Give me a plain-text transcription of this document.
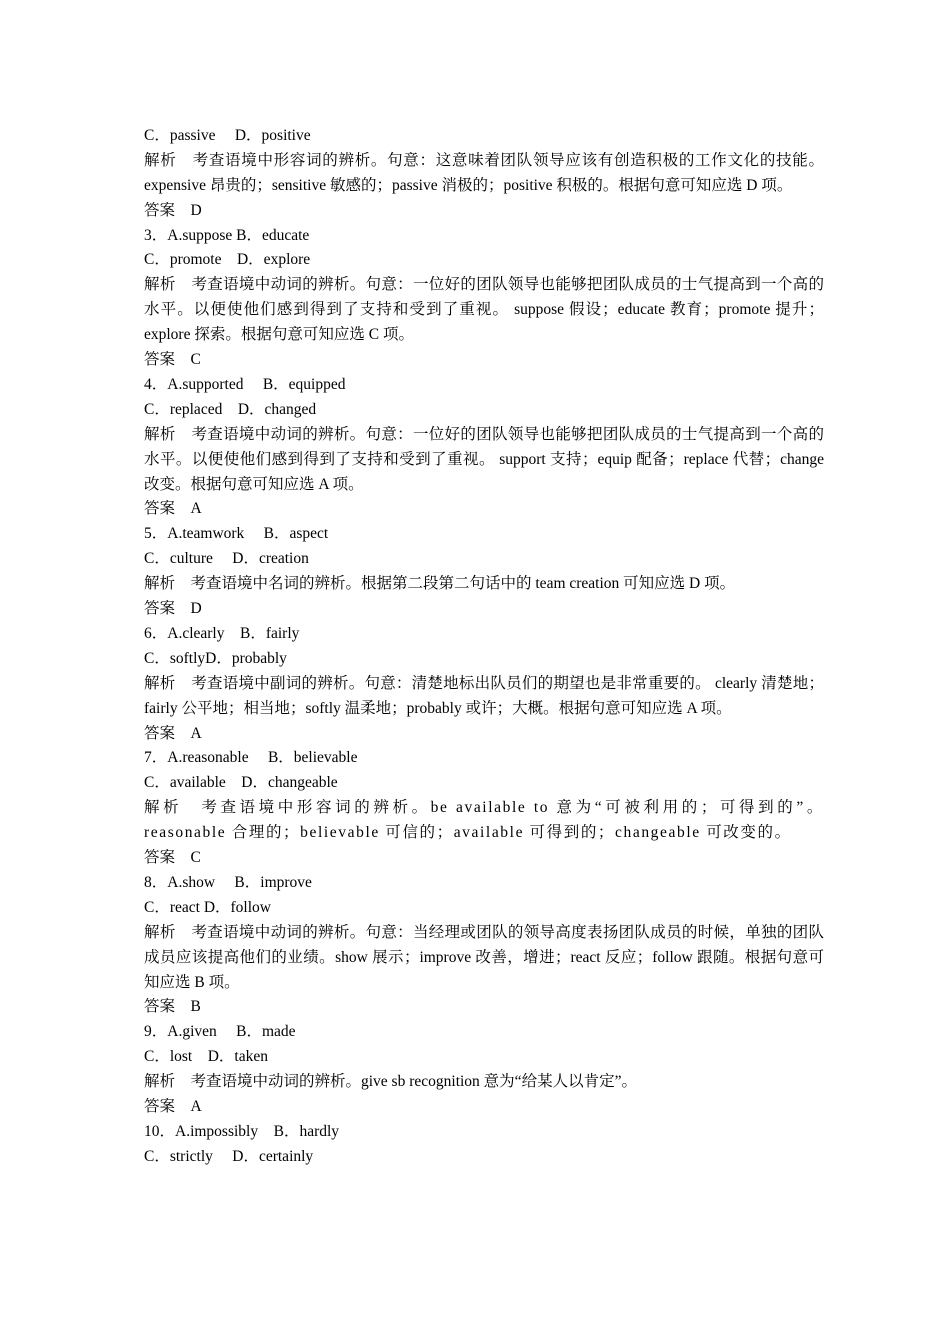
C．passive　 D．positive
解析　考查语境中形容词的辨析。句意：这意味着团队领导应该有创造积极的工作文化的技能。expensive 昂贵的；sensitive 敏感的；passive 消极的；positive 积极的。根据句意可知应选 D 项。
答案　D
3．A.suppose B．educate
C．promote　D．explore
解析　考查语境中动词的辨析。句意：一位好的团队领导也能够把团队成员的士气提高到一个高的水平。以便使他们感到得到了支持和受到了重视。 suppose 假设；educate 教育；promote 提升；explore 探索。根据句意可知应选 C 项。
答案　C
4．A.supported　 B．equipped
C．replaced　D．changed
解析　考查语境中动词的辨析。句意：一位好的团队领导也能够把团队成员的士气提高到一个高的水平。以便使他们感到得到了支持和受到了重视。 support 支持；equip 配备；replace 代替；change 改变。根据句意可知应选 A 项。
答案　A
5．A.teamwork　 B．aspect
C．culture　 D．creation
解析　考查语境中名词的辨析。根据第二段第二句话中的 team creation 可知应选 D 项。
答案　D
6．A.clearly　B．fairly
C．softlyD．probably
解析　考查语境中副词的辨析。句意：清楚地标出队员们的期望也是非常重要的。 clearly 清楚地；fairly 公平地；相当地；softly 温柔地；probably 或许；大概。根据句意可知应选 A 项。
答案　A
7．A.reasonable　 B．believable
C．available　D．changeable
解析　考查语境中形容词的辨析。be available to 意为“可被利用的；可得到的”。reasonable 合理的；believable 可信的；available 可得到的；changeable 可改变的。
答案　C
8．A.show　 B．improve
C．react D．follow
解析　考查语境中动词的辨析。句意：当经理或团队的领导高度表扬团队成员的时候，单独的团队成员应该提高他们的业绩。show 展示；improve 改善，增进；react 反应；follow 跟随。根据句意可知应选 B 项。
答案　B
9．A.given　 B．made
C．lost　D．taken
解析　考查语境中动词的辨析。give sb recognition 意为“给某人以肯定”。
答案　A
10．A.impossibly　B．hardly
C．strictly　 D．certainly
